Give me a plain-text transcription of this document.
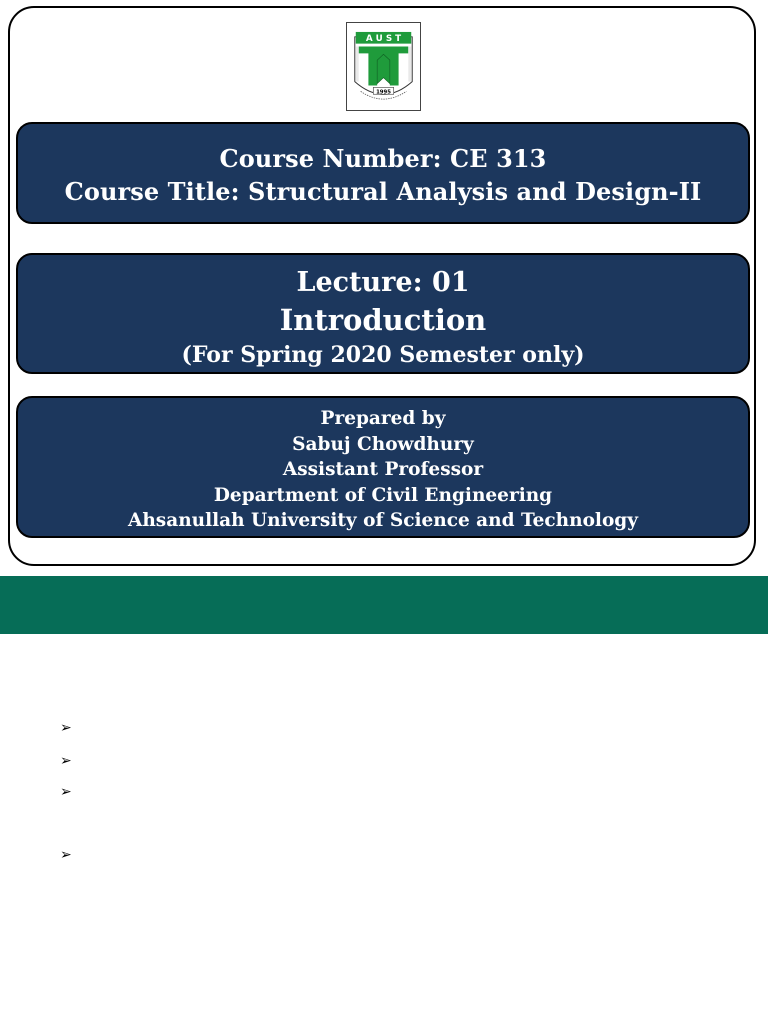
A U S T
1995
Course Number: CE 313
Course Title: Structural Analysis and Design-II
Lecture: 01
Introduction
(For Spring 2020 Semester only)
Prepared by
Sabuj Chowdhury
Assistant Professor
Department of Civil Engineering
Ahsanullah University of Science and Technology
➢
➢
➢
➢
